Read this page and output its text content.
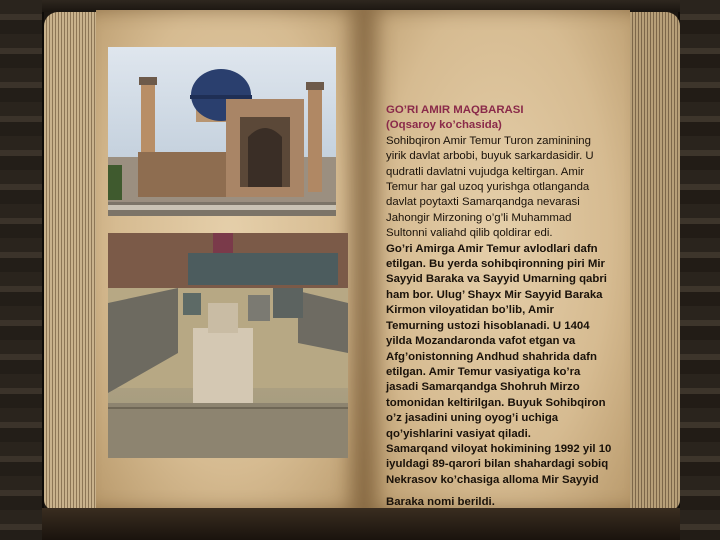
GO’RI AMIR MAQBARASI
(Oqsaroy ko’chasida)
Sohibqiron Amir Temur Turon zaminining
yirik davlat arbobi, buyuk sarkardasidir. U
qudratli davlatni vujudga keltirgan. Amir
Temur har gal uzoq yurishga otlanganda
davlat poytaxti Samarqandga nevarasi
Jahongir Mirzoning o’g’li Muhammad
Sultonni valiahd qilib qoldirar edi.
Go’ri Amirga Amir Temur avlodlari dafn
etilgan. Bu yerda sohibqironning piri Mir
Sayyid Baraka va Sayyid Umarning qabri
ham bor. Ulug’ Shayx Mir Sayyid Baraka
Kirmon viloyatidan bo’lib, Amir
Temurning ustozi hisoblanadi. U 1404
yilda Mozandaronda vafot etgan va
Afg’onistonning Andhud shahrida dafn
etilgan. Amir Temur vasiyatiga ko’ra
jasadi Samarqandga Shohruh Mirzo
tomonidan keltirilgan. Buyuk Sohibqiron
o’z jasadini uning oyog’i uchiga
qo’yishlarini vasiyat qiladi.
Samarqand viloyat hokimining 1992 yil 10
iyuldagi 89-qarori bilan shahardagi sobiq
Nekrasov ko’chasiga alloma Mir Sayyid
Baraka nomi berildi.
